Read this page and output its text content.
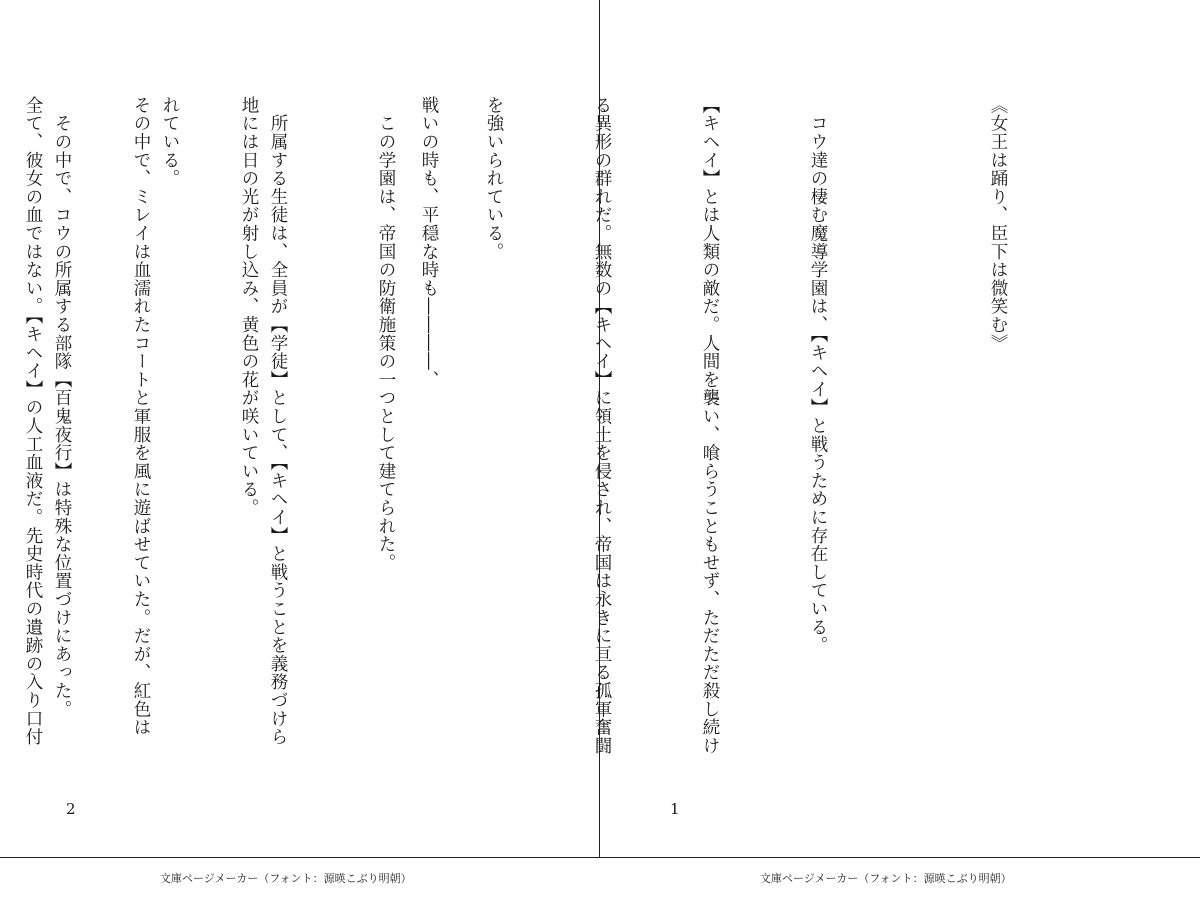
戦いの時も、平穏な時も――――、

地には日の光が射し込み、黄色の花が咲いている。

その中で、ミレイは血濡れたコートと軍服を風に遊ばせていた。だが、紅色は

全て、彼女の血ではない。【キヘイ】の人工血液だ。先史時代の遺跡の入り口付

2

《女王は踊り、臣下は微笑む》

　コウ達の棲む魔導学園は、【キヘイ】と戦うために存在している。

【キヘイ】とは人類の敵だ。人間を襲い、喰らうこともせず、ただただ殺し続け

る異形の群れだ。無数の【キヘイ】に領土を侵され、帝国は永きに亘る孤軍奮闘

を強いられている。

　この学園は、帝国の防衛施策の一つとして建てられた。

　所属する生徒は、全員が【学徒】として、【キヘイ】と戦うことを義務づけら

れている。

　その中で、コウの所属する部隊【百鬼夜行】は特殊な位置づけにあった。

1
文庫ページメーカー（フォント：源暎こぶり明朝）	文庫ページメーカー（フォント：源暎こぶり明朝）
